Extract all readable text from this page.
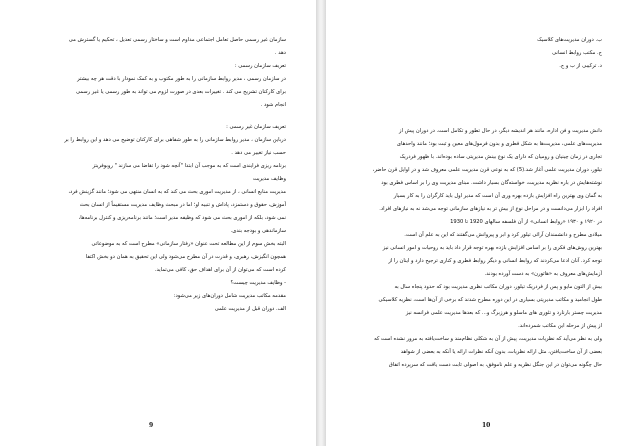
سازمان غیر رسمی حاصل تعامل اجتماعی مداوم است و ساختار رسمی تعدیل ، تحکیم یا گسترش می
دهد .
تعریف سازمان رسمی :
در سازمان رسمی ، مدیر روابط سازمانی را به طور مکتوب و به کمک نمودار با دقت هر چه بیشتر
برای کارکنان تشریح می کند . تغییرات بعدی در صورت لزوم می تواند به طور رسمی یا غیر رسمی
انجام شود .
تعریف سازمان غیر رسمی :
درباین سازمان ، مدیر روابط سازمانی را به طور شفاهی برای کارکنان توضیح می دهد و این روابط را بر
حسب نیاز تغییر می دهد .
برنامه ریزی فرایندی است که به موجب آن ابتدا "آنچه شود را تقاضا می سازند " روبوفریتز
وظایف مدیریت
مدیریت منابع انسانی ، از مدیریت اموری بحث می کند که به انسان منتهی می شود؛ مانند گزینش فرد،
آموزش، حقوق و دستمزد، پاداش و تنبیه او؛ اما در مبحث وظایف مدیریت مستقیماً از انسان بحث
نمی شود، بلکه از اموری بحث می شود که وظیفه مدیر است؛ مانند برنامه‌ریزی و کنترل برنامه‌ها،
سازماندهی و بودجه بندی.
البته بخش سوم از این مطالعه تحت عنوان «رفتار سازمانی» مطرح است که به موضوعاتی
همچون انگیزش، رهبری، و قدرت در آن مطرح می‌شود ولی این تحقیق به همان دو بخش اکتفا
کرده است که می‌توان از آن برای اهداف حق، کافی می‌تماید.
- وظایف مدیریت چیست؟
مقدمه مکاتب مدیریت شامل دوران‌های زیر می‌شود:
الف. دوران قبل از مدیریت علمی
ب. دوران مدیریت‌های کلاسیک
ج. مکتب روابط انسانی
د. ترکیبی از ب و ج.
دانش مدیریت و فن اداره، مانند هر اندیشه دیگر، در حال تطور و تکامل است. در دوران پیش از
مدیریت‌های علمی، مدیریت‌ها به شکل فطری و بدون فرمول‌های معین و ثبت بود؛ مانند واحدهای
تجاری در زمان چینیان و رومیان که دارای یک نوع بینش مدیریتی ساده بوده‌اند. با ظهور فردریک
تیلور، دوران مدیریت علمی آغاز شد.(5) که به نوعی قرن مدیریت علمی معروف شد و در اوایل قرن حاضر،
نوشته‌هایش در باره نظریه مدیریت، خواسته‌گان بسیار داشت. مبنای مدیریت وی را بر اساس فطری بود
به گمان وی بهترین راه افزایش بازده بهره وری آن است که مدیر اول باید کارگران را به کار بسیار
افراد را ابزار می‌دانست و در مراحل نوع از بیش تر به نیازهای سازمانی توجه می‌شد نه به نیازهای افراد.
در ۱۹۲۰ و ۱۹۳۰ «روابط انسانی» از آن فلسفه سالهای 1920 تا 1930
میلادی مطرح و دانشمندان آرائی تیلور کرد و ابر و پیروانش می‌گفتند که این به علم آن است.
بهترین روش‌های فکری را بر اساس افزایش بازده بهره توجه قرار داد باید به روحیات و امور انسانی نیز
توجه کرد. آنان ادعا می‌کردند که روابط انسانی و دیگر روابط فطری و کناری ترجیح دارد و اینان را از
آزمایش‌های معروف به «هاثورن» به دست آورده بودند.
بیش از التون مایو و پس از فردریک تیلور، دوران مکاتب نظری مدیریت بود که حدود پنجاه سال به
طول انجامید و مکاتب مدیریتی بسیاری در این دوره مطرح شدند که برخی از آن‌ها است، نظریه کلاسیکی
مدیریت چستر بارنارد و تئوری های ماسلو و هرزبرگ و... که بعدها مدیریت علمی فرانسه نیز
از پیش از مرحله این مکاتب شمرده‌اند.
ولی به نظر می‌آید که نظریات مدیریت، پیش از آن به شکلی نظام‌مند و ساخت‌یافته به مرور نشده است که
بعضی از آن ساخت‌یافتن، مثل ارائه نظریات، بدون آنکه نظرات ارائه یا آنکه به بعضی از شواهد
حال چگونه می‌توان در این جنگل نظریه و علم ناموفق، به اصولی ثابت دست یافت که سرپرده اتفاق
9	10
